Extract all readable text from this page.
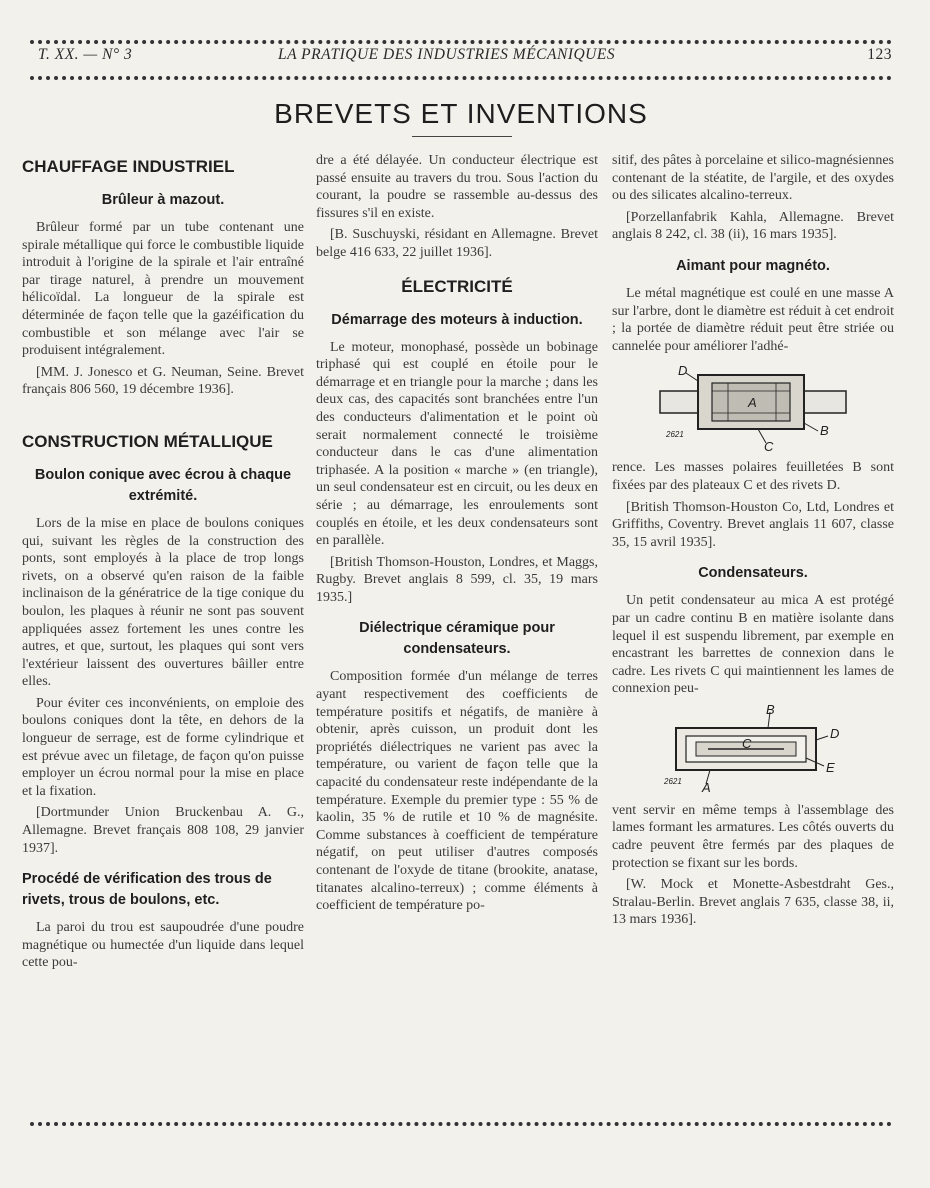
T. XX. — N° 3	LA PRATIQUE DES INDUSTRIES MÉCANIQUES	123
BREVETS ET INVENTIONS
CHAUFFAGE INDUSTRIEL
Brûleur à mazout.

Brûleur formé par un tube contenant une spirale métallique qui force le combustible liquide introduit à l'origine de la spirale et l'air entraîné par tirage naturel, à prendre un mouvement hélicoïdal. La longueur de la spirale est déterminée de façon telle que la gazéification du combustible et son mélange avec l'air se produisent intégralement.

[MM. J. Jonesco et G. Neuman, Seine. Brevet français 806 560, 19 décembre 1936].

CONSTRUCTION MÉTALLIQUE
Boulon conique avec écrou à chaque extrémité.

Lors de la mise en place de boulons coniques qui, suivant les règles de la construction des ponts, sont employés à la place de trop longs rivets, on a observé qu'en raison de la faible inclinaison de la génératrice de la tige conique du boulon, les plaques à réunir ne sont pas souvent appliquées assez fortement les unes contre les autres, et que, surtout, les plaques qui sont vers l'extérieur laissent des ouvertures bâiller entre elles.

Pour éviter ces inconvénients, on emploie des boulons coniques dont la tête, en dehors de la longueur de serrage, est de forme cylindrique et est prévue avec un filetage, de façon qu'on puisse employer un écrou normal pour la mise en place et la fixation.

[Dortmunder Union Bruckenbau A. G., Allemagne. Brevet français 808 108, 29 janvier 1937].

Procédé de vérification des trous de rivets, trous de boulons, etc.

La paroi du trou est saupoudrée d'une poudre magnétique ou humectée d'un liquide dans lequel cette pou-

dre a été délayée. Un conducteur électrique est passé ensuite au travers du trou. Sous l'action du courant, la poudre se rassemble au-dessus des fissures s'il en existe.

[B. Suschuyski, résidant en Allemagne. Brevet belge 416 633, 22 juillet 1936].

ÉLECTRICITÉ
Démarrage des moteurs à induction.

Le moteur, monophasé, possède un bobinage triphasé qui est couplé en étoile pour le démarrage et en triangle pour la marche ; dans les deux cas, des capacités sont branchées entre l'un des conducteurs d'alimentation et le point où serait normalement connecté le troisième conducteur dans le cas d'une alimentation triphasée. A la position « marche » (en triangle), un seul condensateur est en circuit, ou les deux en série ; au démarrage, les enroulements sont couplés en étoile, et les deux condensateurs sont en parallèle.

[British Thomson-Houston, Londres, et Maggs, Rugby. Brevet anglais 8 599, cl. 35, 19 mars 1935.]

Diélectrique céramique pour condensateurs.

Composition formée d'un mélange de terres ayant respectivement des coefficients de température positifs et négatifs, de manière à obtenir, après cuisson, un produit dont les propriétés diélectriques ne varient pas avec la température, ou varient de façon telle que la capacité du condensateur reste indépendante de la température. Exemple du premier type : 55 % de kaolin, 35 % de rutile et 10 % de magnésite. Comme substances à coefficient de température négatif, on peut utiliser d'autres composés contenant de l'oxyde de titane (brookite, anatase, titanates alcalino-terreux) ; comme éléments à coefficient de température po-

sitif, des pâtes à porcelaine et silico-magnésiennes contenant de la stéatite, de l'argile, et des oxydes ou des silicates alcalino-terreux.

[Porzellanfabrik Kahla, Allemagne. Brevet anglais 8 242, cl. 38 (ii), 16 mars 1935].

Aimant pour magnéto.

Le métal magnétique est coulé en une masse A sur l'arbre, dont le diamètre est réduit à cet endroit ; la portée de diamètre réduit peut être striée ou cannelée pour améliorer l'adhé-

D
A
B
C
2621

rence. Les masses polaires feuilletées B sont fixées par des plateaux C et des rivets D.

[British Thomson-Houston Co, Ltd, Londres et Griffiths, Coventry. Brevet anglais 11 607, classe 35, 15 avril 1935].

Condensateurs.

Un petit condensateur au mica A est protégé par un cadre continu B en matière isolante dans lequel il est suspendu librement, par exemple en encastrant les barrettes de connexion dans le cadre. Les rivets C qui maintiennent les lames de connexion peu-

B
C
D
E
A
2621

vent servir en même temps à l'assemblage des lames formant les armatures. Les côtés ouverts du cadre peuvent être fermés par des plaques de protection se fixant sur les bords.

[W. Mock et Monette-Asbestdraht Ges., Stralau-Berlin. Brevet anglais 7 635, classe 38, ii, 13 mars 1936].
